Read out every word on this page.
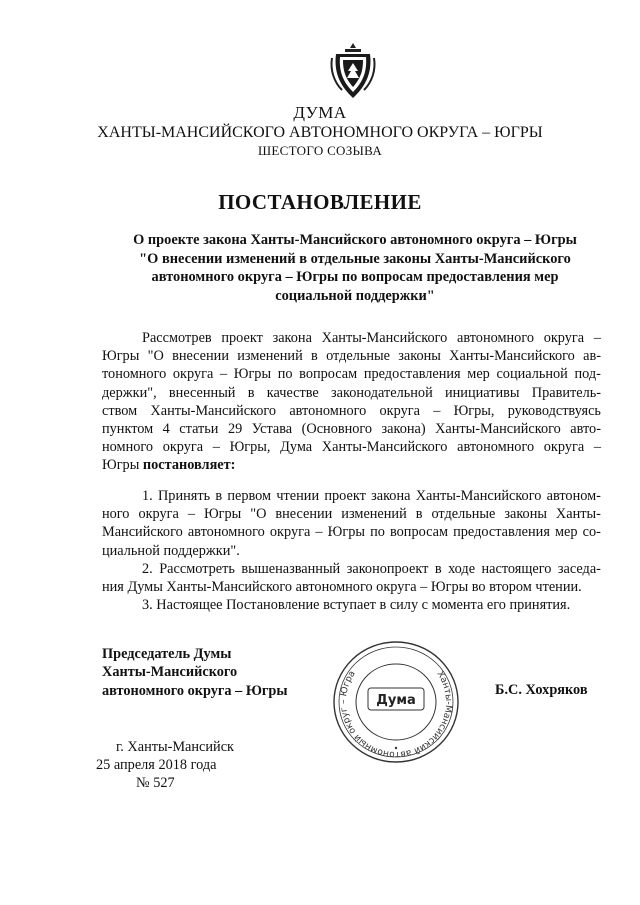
ДУМА
ХАНТЫ-МАНСИЙСКОГО АВТОНОМНОГО ОКРУГА – ЮГРЫ
ШЕСТОГО СОЗЫВА
ПОСТАНОВЛЕНИЕ
О проекте закона Ханты-Мансийского автономного округа – Югры
"О внесении изменений в отдельные законы Ханты-Мансийского
автономного округа – Югры по вопросам предоставления мер
социальной поддержки"
Рассмотрев проект закона Ханты-Мансийского автономного округа –
Югры "О внесении изменений в отдельные законы Ханты-Мансийского ав-
тономного округа – Югры по вопросам предоставления мер социальной под-
держки", внесенный в качестве законодательной инициативы Правитель-
ством Ханты-Мансийского автономного округа – Югры, руководствуясь
пунктом 4 статьи 29 Устава (Основного закона) Ханты-Мансийского авто-
номного округа – Югры, Дума Ханты-Мансийского автономного округа –
Югры
постановляет:
1. Принять в первом чтении проект закона Ханты-Мансийского автоном-
ного округа – Югры "О внесении изменений в отдельные законы Ханты-
Мансийского автономного округа – Югры по вопросам предоставления мер со-
циальной поддержки".
2. Рассмотреть вышеназванный законопроект в ходе настоящего заседа-
ния Думы Ханты-Мансийского автономного округа – Югры во втором чтении.
3. Настоящее Постановление вступает в силу с момента его принятия.
Председатель Думы
Ханты-Мансийского
автономного округа – Югры
Ханты-Мансийский автономный округ – Югра
Дума
Б.С. Хохряков
г. Ханты-Мансийск
25 апреля 2018 года
№ 527
